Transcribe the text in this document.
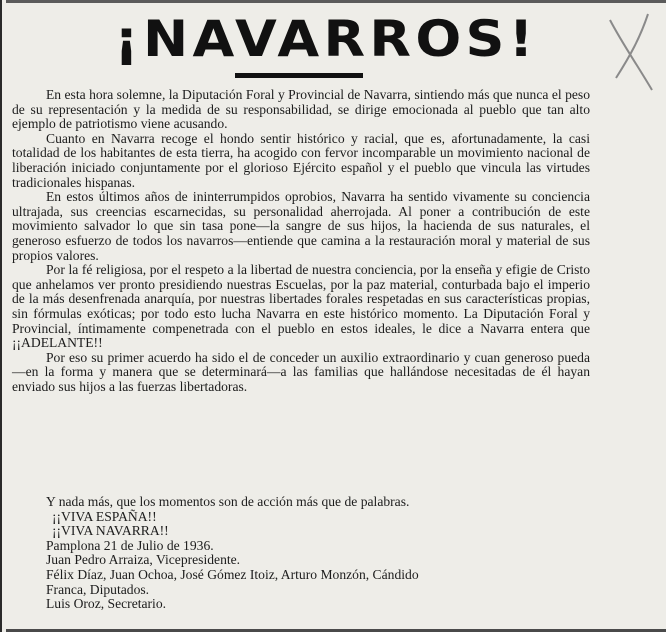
¡NAVARROS!

En esta hora solemne, la Diputación Foral y Provincial de Navarra, sintiendo más que nunca el peso de su representación y la medida de su responsabilidad, se dirige emocionada al pueblo que tan alto ejemplo de patriotismo viene acusando.

Cuanto en Navarra recoge el hondo sentir histórico y racial, que es, afortunadamente, la casi totalidad de los habitantes de esta tierra, ha acogido con fervor incomparable un movimiento nacional de liberación iniciado conjuntamente por el glorioso Ejército español y el pueblo que vincula las virtudes tradicionales hispanas.

En estos últimos años de ininterrumpidos oprobios, Navarra ha sentido vivamente su conciencia ultrajada, sus creencias escarnecidas, su personalidad aherrojada. Al poner a contribución de este movimiento salvador lo que sin tasa pone—la sangre de sus hijos, la hacienda de sus naturales, el generoso esfuerzo de todos los navarros—entiende que camina a la restauración moral y material de sus propios valores.

Por la fé religiosa, por el respeto a la libertad de nuestra conciencia, por la enseña y efigie de Cristo que anhelamos ver pronto presidiendo nuestras Escuelas, por la paz material, conturbada bajo el imperio de la más desenfrenada anarquía, por nuestras libertades forales respetadas en sus características propias, sin fórmulas exóticas; por todo esto lucha Navarra en este histórico momento. La Diputación Foral y Provincial, íntimamente compenetrada con el pueblo en estos ideales, le dice a Navarra entera que ¡¡ADELANTE!!

Por eso su primer acuerdo ha sido el de conceder un auxilio extraordinario y cuan generoso pueda—en la forma y manera que se determinará—a las familias que hallándose necesitadas de él hayan enviado sus hijos a las fuerzas libertadoras.

Y nada más, que los momentos son de acción más que de palabras.
¡¡VIVA ESPAÑA!!
¡¡VIVA NAVARRA!!
Pamplona 21 de Julio de 1936.
Juan Pedro Arraiza, Vicepresidente.
Félix Díaz, Juan Ochoa, José Gómez Itoiz, Arturo Monzón, Cándido
Franca, Diputados.
Luis Oroz, Secretario.
